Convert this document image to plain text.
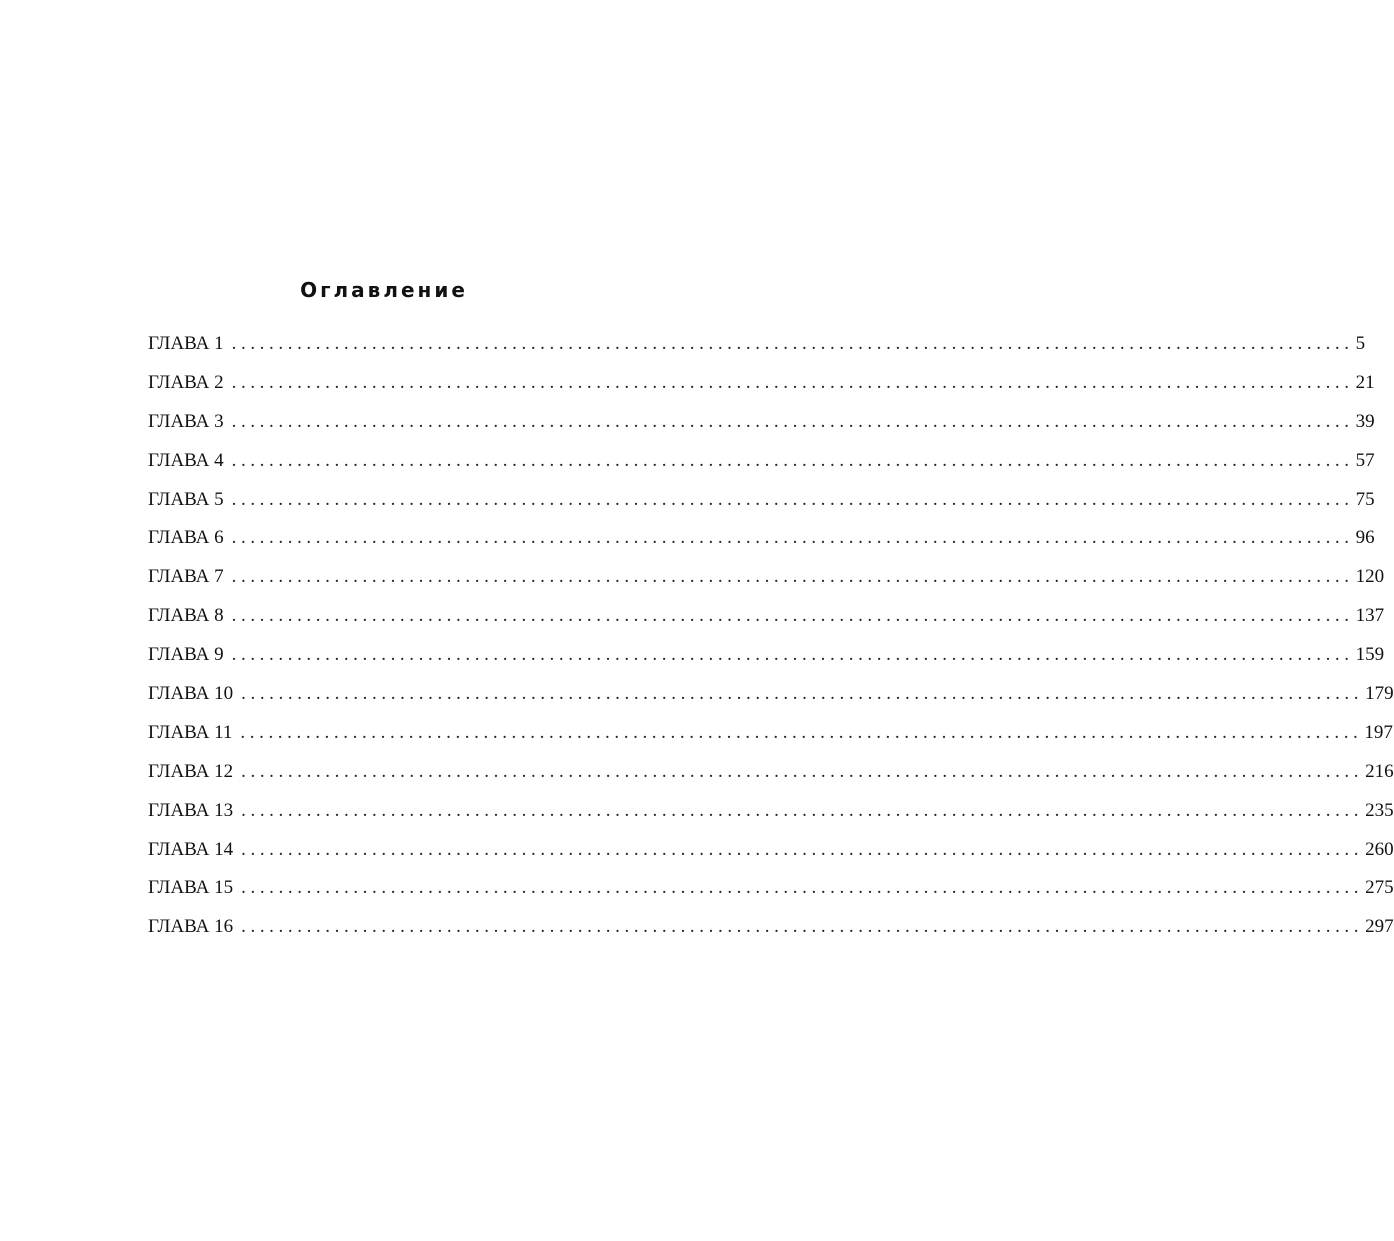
Оглавление
ГЛАВА 1 ........................................................................................................................ 5
ГЛАВА 2 ........................................................................................................................ 21
ГЛАВА 3 ........................................................................................................................ 39
ГЛАВА 4 ........................................................................................................................ 57
ГЛАВА 5 ........................................................................................................................ 75
ГЛАВА 6 ........................................................................................................................ 96
ГЛАВА 7 ........................................................................................................................ 120
ГЛАВА 8 ........................................................................................................................ 137
ГЛАВА 9 ........................................................................................................................ 159
ГЛАВА 10 ........................................................................................................................ 179
ГЛАВА 11 ........................................................................................................................ 197
ГЛАВА 12 ........................................................................................................................ 216
ГЛАВА 13 ........................................................................................................................ 235
ГЛАВА 14 ........................................................................................................................ 260
ГЛАВА 15 ........................................................................................................................ 275
ГЛАВА 16 ........................................................................................................................ 297
